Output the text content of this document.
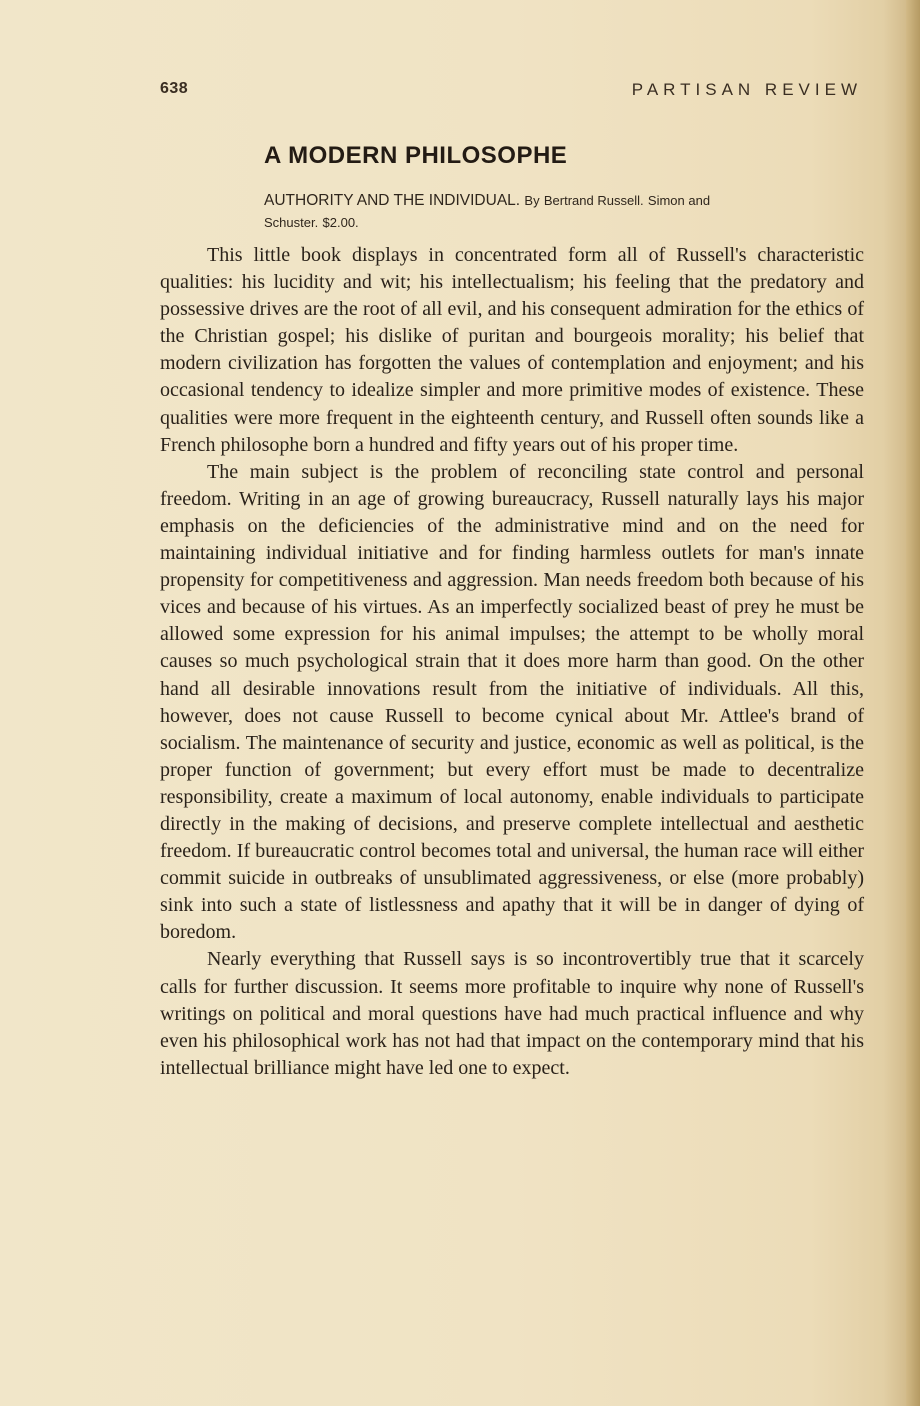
638	PARTISAN REVIEW
A MODERN PHILOSOPHE
AUTHORITY AND THE INDIVIDUAL. By Bertrand Russell. Simon and
Schuster. $2.00.

This little book displays in concentrated form all of Russell's characteristic qualities: his lucidity and wit; his intellectualism; his feeling that the predatory and possessive drives are the root of all evil, and his consequent admiration for the ethics of the Christian gospel; his dislike of puritan and bourgeois morality; his belief that modern civilization has forgotten the values of contemplation and enjoyment; and his occasional tendency to idealize simpler and more primitive modes of existence. These qualities were more frequent in the eighteenth century, and Russell often sounds like a French philosophe born a hundred and fifty years out of his proper time.

The main subject is the problem of reconciling state control and personal freedom. Writing in an age of growing bureaucracy, Russell naturally lays his major emphasis on the deficiencies of the administrative mind and on the need for maintaining individual initiative and for finding harmless outlets for man's innate propensity for competitiveness and aggression. Man needs freedom both because of his vices and because of his virtues. As an imperfectly socialized beast of prey he must be allowed some expression for his animal impulses; the attempt to be wholly moral causes so much psychological strain that it does more harm than good. On the other hand all desirable innovations result from the initiative of individuals. All this, however, does not cause Russell to become cynical about Mr. Attlee's brand of socialism. The maintenance of security and justice, economic as well as political, is the proper function of government; but every effort must be made to decentralize responsibility, create a maximum of local autonomy, enable individuals to participate directly in the making of decisions, and preserve complete intellectual and aesthetic freedom. If bureaucratic control becomes total and universal, the human race will either commit suicide in outbreaks of unsublimated aggressiveness, or else (more probably) sink into such a state of listlessness and apathy that it will be in danger of dying of boredom.

Nearly everything that Russell says is so incontrovertibly true that it scarcely calls for further discussion. It seems more profitable to inquire why none of Russell's writings on political and moral questions have had much practical influence and why even his philosophical work has not had that impact on the contemporary mind that his intellectual brilliance might have led one to expect.
